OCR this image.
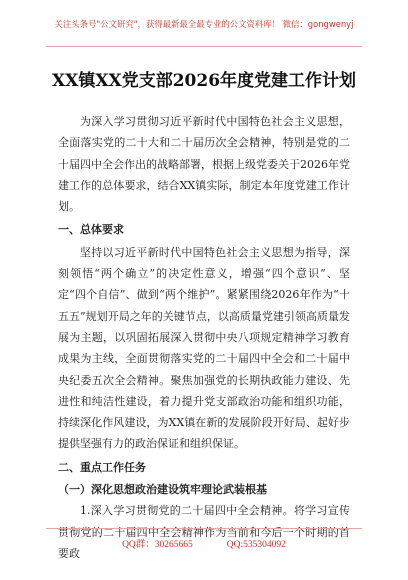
关注头条号"公文研究"，获得最新最全最专业的公文资料库！ 微信：gongwenyj
XX镇XX党支部2026年度党建工作计划

为深入学习贯彻习近平新时代中国特色社会主义思想，全面落实党的二十大和二十届历次全会精神，特别是党的二十届四中全会作出的战略部署，根据上级党委关于2026年党建工作的总体要求，结合XX镇实际，制定本年度党建工作计划。

一、总体要求

坚持以习近平新时代中国特色社会主义思想为指导，深刻领悟“两个确立”的决定性意义，增强“四个意识”、坚定“四个自信”、做到“两个维护”。紧紧围绕2026年作为“十五五”规划开局之年的关键节点，以高质量党建引领高质量发展为主题，以巩固拓展深入贯彻中央八项规定精神学习教育成果为主线，全面贯彻落实党的二十届四中全会和二十届中央纪委五次全会精神。聚焦加强党的长期执政能力建设、先进性和纯洁性建设，着力提升党支部政治功能和组织功能，持续深化作风建设，为XX镇在新的发展阶段开好局、起好步提供坚强有力的政治保证和组织保证。

二、重点工作任务

（一）深化思想政治建设筑牢理论武装根基

1.深入学习贯彻党的二十届四中全会精神。将学习宣传贯彻党的二十届四中全会精神作为当前和今后一个时期的首要政

QQ群：30265665	QQ:535304092
